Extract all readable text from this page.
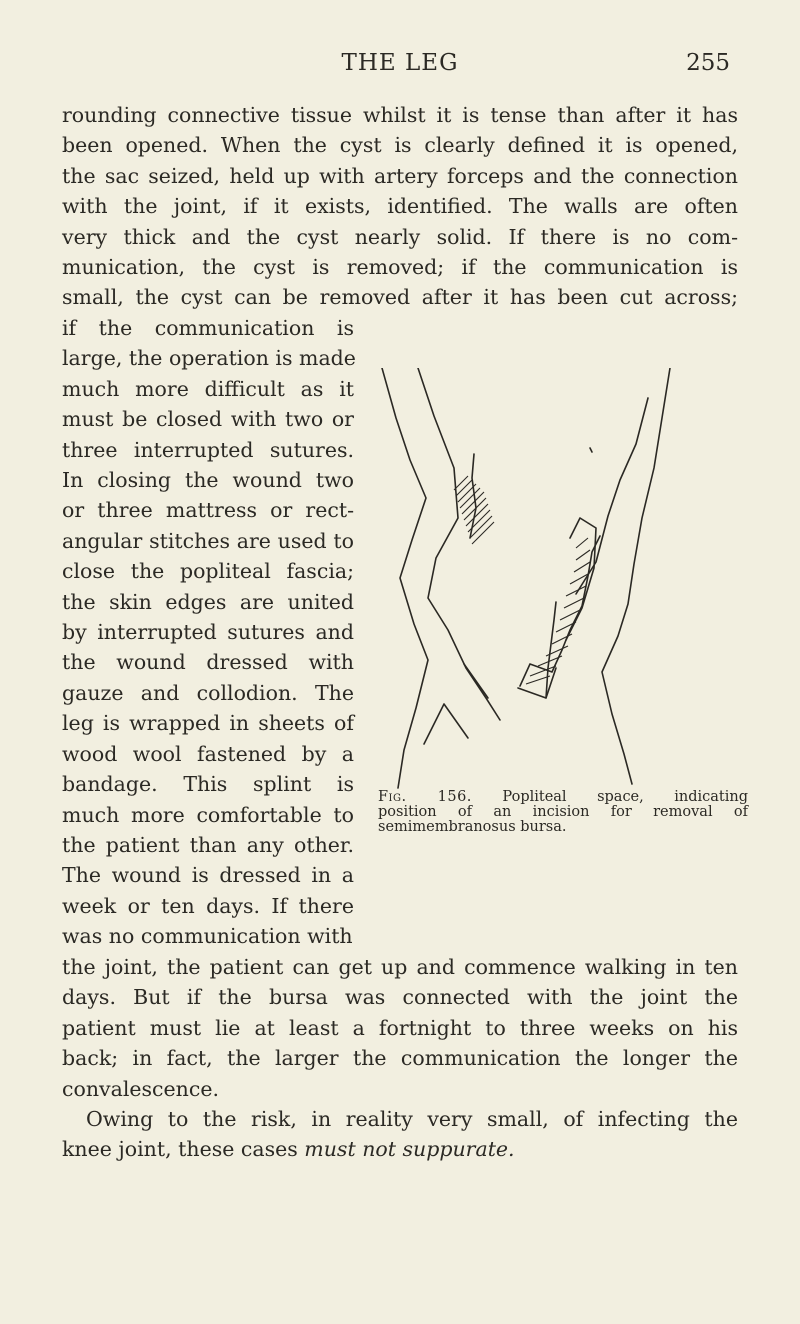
THE LEG	255
rounding connective tissue whilst it is tense than after it has
been opened. When the cyst is clearly defined it is opened,
the sac seized, held up with artery forceps and the connection
with the joint, if it exists, identified. The walls are often
very thick and the cyst nearly solid. If there is no com-
munication, the cyst is removed; if the communication is
small, the cyst can be removed after it has been cut across;
if the communication is
large, the operation is made
much more difficult as it
must be closed with two or
three interrupted sutures.
In closing the wound two
or three mattress or rect-
angular stitches are used to
close the popliteal fascia;
the skin edges are united
by interrupted sutures and
the wound dressed with
gauze and collodion. The
leg is wrapped in sheets of
wood wool fastened by a
bandage. This splint is
much more comfortable to
the patient than any other.
The wound is dressed in a
week or ten days. If there
was no communication with
Fig. 156. Popliteal space, indicating
position of an incision for removal of
semimembranosus bursa.
the joint, the patient can get up and commence walking in ten
days. But if the bursa was connected with the joint the
patient must lie at least a fortnight to three weeks on his
back; in fact, the larger the communication the longer the
convalescence.
Owing to the risk, in reality very small, of infecting the
knee joint, these cases must not suppurate.
